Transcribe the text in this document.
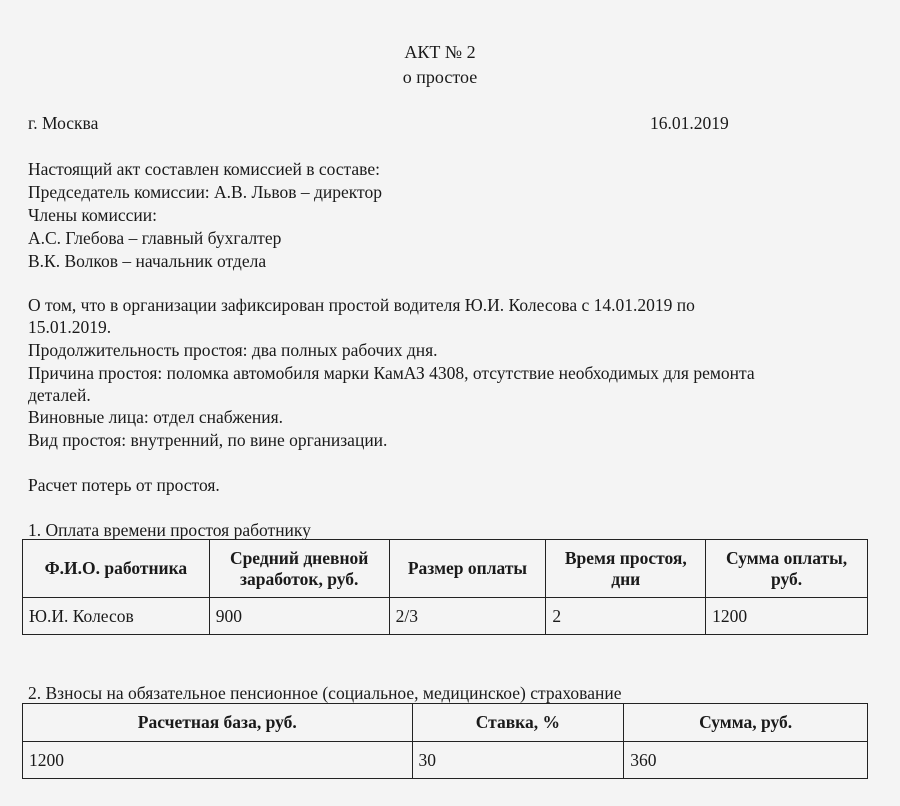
АКТ № 2
о простое
г. Москва	16.01.2019
Настоящий акт составлен комиссией в составе:
Председатель комиссии: А.В. Львов – директор
Члены комиссии:
А.С. Глебова – главный бухгалтер
В.К. Волков – начальник отдела
О том, что в организации зафиксирован простой водителя Ю.И. Колесова с 14.01.2019 по
15.01.2019.
Продолжительность простоя: два полных рабочих дня.
Причина простоя: поломка автомобиля марки КамАЗ 4308, отсутствие необходимых для ремонта
деталей.
Виновные лица: отдел снабжения.
Вид простоя: внутренний, по вине организации.
Расчет потерь от простоя.
1. Оплата времени простоя работнику
Ф.И.О. работника	Средний дневной заработок, руб.	Размер оплаты	Время простоя, дни	Сумма оплаты, руб.
Ю.И. Колесов	900	2/3	2	1200
2. Взносы на обязательное пенсионное (социальное, медицинское) страхование
Расчетная база, руб.	Ставка, %	Сумма, руб.
1200	30	360
